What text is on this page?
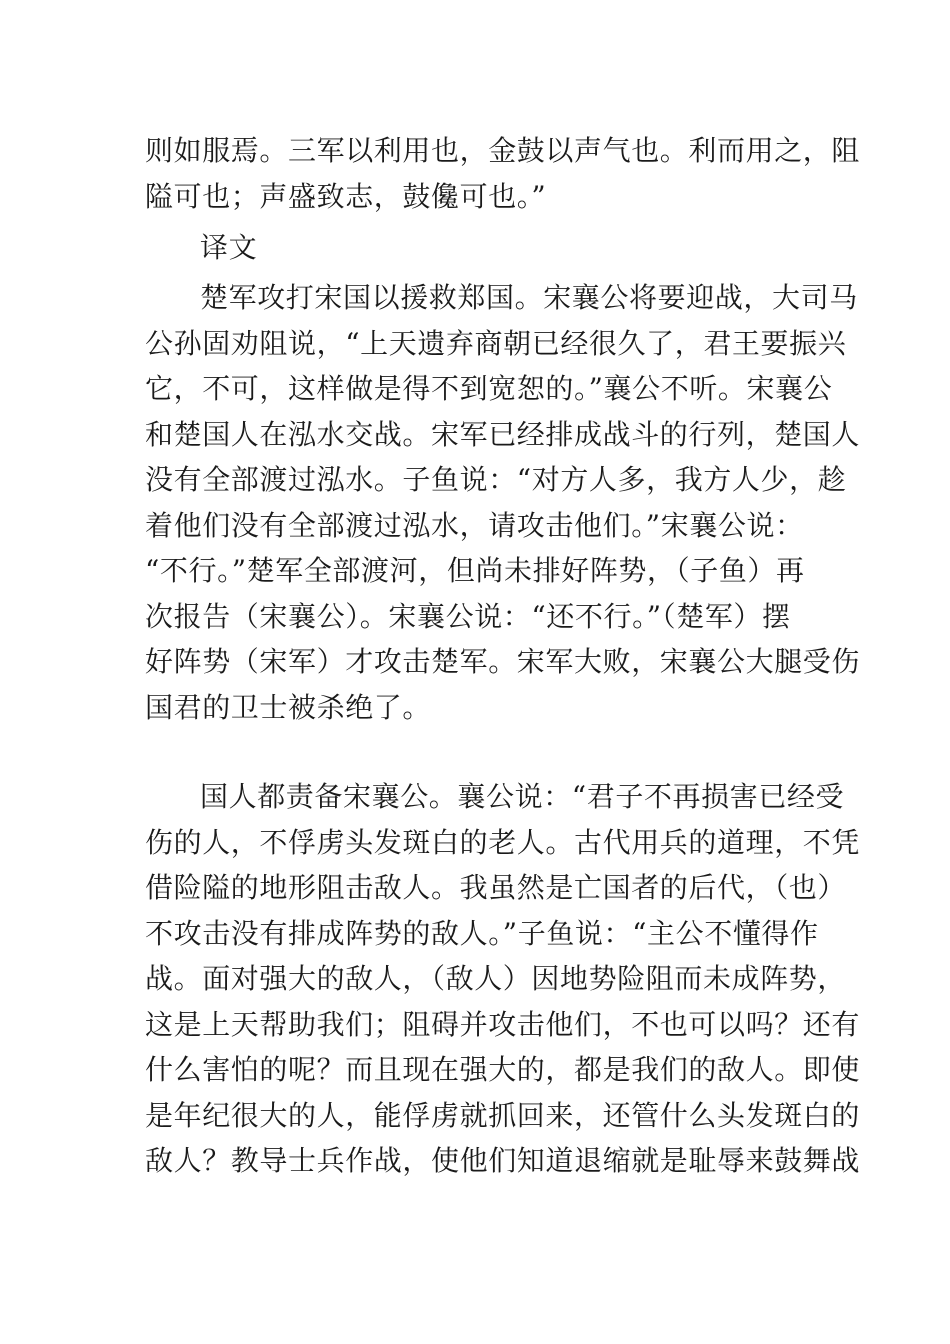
则如服焉。三军以利用也，金鼓以声气也。利而用之，阻
隘可也；声盛致志，鼓儳可也。”
译文
楚军攻打宋国以援救郑国。宋襄公将要迎战，大司马
公孙固劝阻说，“上天遗弃商朝已经很久了，君王要振兴
它，不可，这样做是得不到宽恕的。”襄公不听。宋襄公
和楚国人在泓水交战。宋军已经排成战斗的行列，楚国人
没有全部渡过泓水。子鱼说：“对方人多，我方人少，趁
着他们没有全部渡过泓水，请攻击他们。”宋襄公说：
“不行。”楚军全部渡河，但尚未排好阵势，（子鱼）再
次报告（宋襄公）。宋襄公说：“还不行。”（楚军）摆
好阵势（宋军）才攻击楚军。宋军大败，宋襄公大腿受伤
国君的卫士被杀绝了。
国人都责备宋襄公。襄公说：“君子不再损害已经受
伤的人，不俘虏头发斑白的老人。古代用兵的道理，不凭
借险隘的地形阻击敌人。我虽然是亡国者的后代，（也）
不攻击没有排成阵势的敌人。”子鱼说：“主公不懂得作
战。面对强大的敌人，（敌人）因地势险阻而未成阵势，
这是上天帮助我们；阻碍并攻击他们，不也可以吗？还有
什么害怕的呢？而且现在强大的，都是我们的敌人。即使
是年纪很大的人，能俘虏就抓回来，还管什么头发斑白的
敌人？教导士兵作战，使他们知道退缩就是耻辱来鼓舞战
